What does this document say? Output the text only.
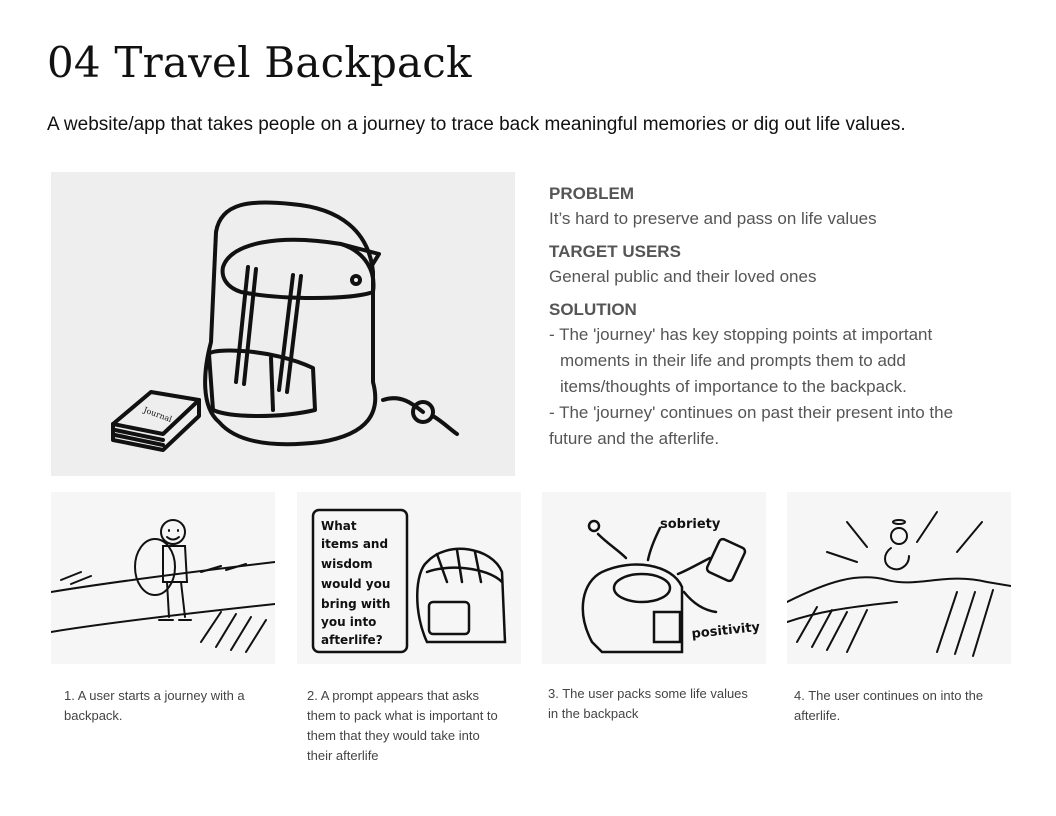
04 Travel Backpack
A website/app that takes people on a journey to trace back meaningful memories or dig out life values.
Journal
PROBLEM
It’s hard to preserve and pass on life values
TARGET USERS
General public and their loved ones
SOLUTION
- The 'journey' has key stopping points at important
moments in their life and prompts them to add
items/thoughts of importance to the backpack.
- The 'journey' continues on past their present into the
future and the afterlife.
What
items and
wisdom
would you
bring with
you into
afterlife?
sobriety
positivity
1. A user starts a journey with a backpack.
2. A prompt appears that asks them to pack what is important to them that they would take into their afterlife
3. The user packs some life values in the backpack
4. The user continues on into the afterlife.
